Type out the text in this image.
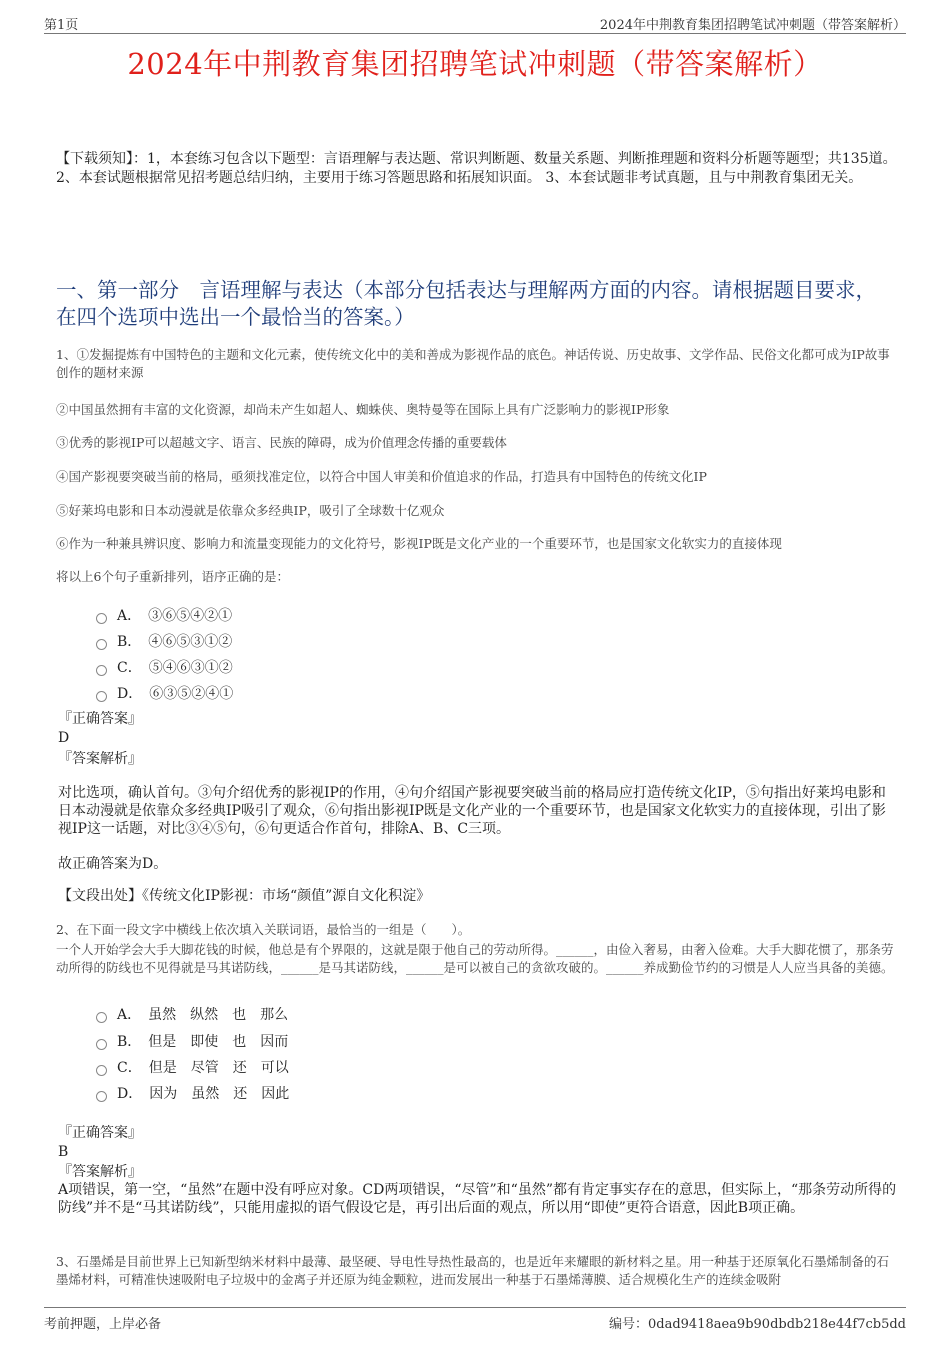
第1页	2024年中荆教育集团招聘笔试冲刺题（带答案解析）
2024年中荆教育集团招聘笔试冲刺题（带答案解析）
【下载须知】：1，本套练习包含以下题型：言语理解与表达题、常识判断题、数量关系题、判断推理题和资料分析题等题型；共135道。 2、本套试题根据常见招考题总结归纳，主要用于练习答题思路和拓展知识面。 3、本套试题非考试真题，且与中荆教育集团无关。
一、第一部分　言语理解与表达（本部分包括表达与理解两方面的内容。请根据题目要求，在四个选项中选出一个最恰当的答案。）
1、①发掘提炼有中国特色的主题和文化元素，使传统文化中的美和善成为影视作品的底色。神话传说、历史故事、文学作品、民俗文化都可成为IP故事创作的题材来源
②中国虽然拥有丰富的文化资源，却尚未产生如超人、蜘蛛侠、奥特曼等在国际上具有广泛影响力的影视IP形象
③优秀的影视IP可以超越文字、语言、民族的障碍，成为价值理念传播的重要载体
④国产影视要突破当前的格局，亟须找准定位，以符合中国人审美和价值追求的作品，打造具有中国特色的传统文化IP
⑤好莱坞电影和日本动漫就是依靠众多经典IP，吸引了全球数十亿观众
⑥作为一种兼具辨识度、影响力和流量变现能力的文化符号，影视IP既是文化产业的一个重要环节，也是国家文化软实力的直接体现
将以上6个句子重新排列，语序正确的是：
A．　③⑥⑤④②①
B．　④⑥⑤③①②
C．　⑤④⑥③①②
D．　⑥③⑤②④①
『正确答案』
D
『答案解析』
对比选项，确认首句。③句介绍优秀的影视IP的作用，④句介绍国产影视要突破当前的格局应打造传统文化IP，⑤句指出好莱坞电影和日本动漫就是依靠众多经典IP吸引了观众，⑥句指出影视IP既是文化产业的一个重要环节，也是国家文化软实力的直接体现，引出了影视IP这一话题，对比③④⑤句，⑥句更适合作首句，排除A、B、C三项。
故正确答案为D。
【文段出处】《传统文化IP影视：市场“颜值”源自文化积淀》
2、在下面一段文字中横线上依次填入关联词语，最恰当的一组是（　　）。
一个人开始学会大手大脚花钱的时候，他总是有个界限的，这就是限于他自己的劳动所得。______，由俭入奢易，由奢入俭难。大手大脚花惯了，那条劳动所得的防线也不见得就是马其诺防线，______是马其诺防线，______是可以被自己的贪欲攻破的。______养成勤俭节约的习惯是人人应当具备的美德。
A．　虽然　纵然　也　那么
B．　但是　即使　也　因而
C．　但是　尽管　还　可以
D．　因为　虽然　还　因此
『正确答案』
B
『答案解析』
A项错误，第一空，“虽然”在题中没有呼应对象。CD两项错误，“尽管”和“虽然”都有肯定事实存在的意思，但实际上，“那条劳动所得的防线”并不是“马其诺防线”，只能用虚拟的语气假设它是，再引出后面的观点，所以用“即使”更符合语意，因此B项正确。
3、石墨烯是目前世界上已知新型纳米材料中最薄、最坚硬、导电性导热性最高的，也是近年来耀眼的新材料之星。用一种基于还原氧化石墨烯制备的石墨烯材料，可精准快速吸附电子垃圾中的金离子并还原为纯金颗粒，进而发展出一种基于石墨烯薄膜、适合规模化生产的连续金吸附
考前押题，上岸必备	编号：0dad9418aea9b90dbdb218e44f7cb5dd
